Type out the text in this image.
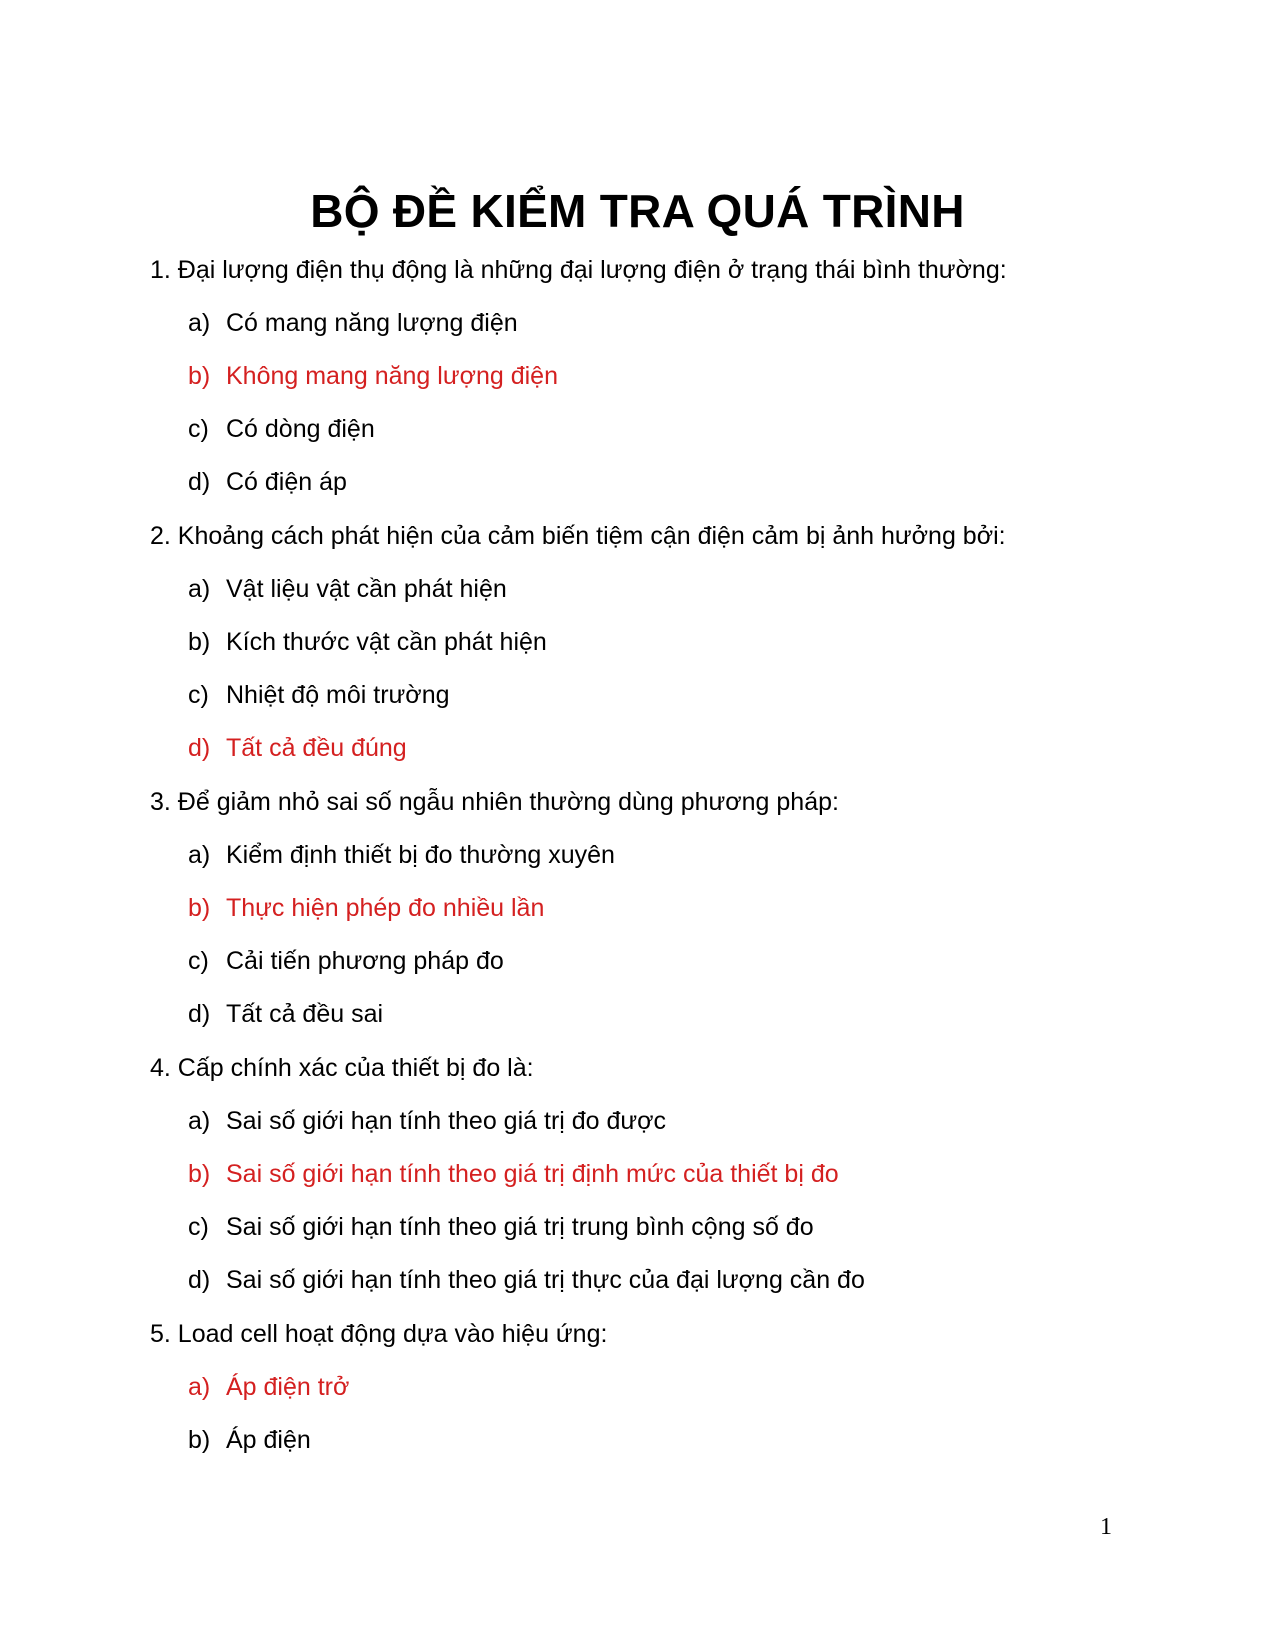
BỘ ĐỀ KIỂM TRA QUÁ TRÌNH
1. Đại lượng điện thụ động là những đại lượng điện ở trạng thái bình thường:
a) Có mang năng lượng điện
b) Không mang năng lượng điện
c) Có dòng điện
d) Có điện áp
2. Khoảng cách phát hiện của cảm biến tiệm cận điện cảm bị ảnh hưởng bởi:
a) Vật liệu vật cần phát hiện
b) Kích thước vật cần phát hiện
c) Nhiệt độ môi trường
d) Tất cả đều đúng
3. Để giảm nhỏ sai số ngẫu nhiên thường dùng phương pháp:
a) Kiểm định thiết bị đo thường xuyên
b) Thực hiện phép đo nhiều lần
c) Cải tiến phương pháp đo
d) Tất cả đều sai
4. Cấp chính xác của thiết bị đo là:
a) Sai số giới hạn tính theo giá trị đo được
b) Sai số giới hạn tính theo giá trị định mức của thiết bị đo
c) Sai số giới hạn tính theo giá trị trung bình cộng số đo
d) Sai số giới hạn tính theo giá trị thực của đại lượng cần đo
5. Load cell hoạt động dựa vào hiệu ứng:
a) Áp điện trở
b) Áp điện
1
